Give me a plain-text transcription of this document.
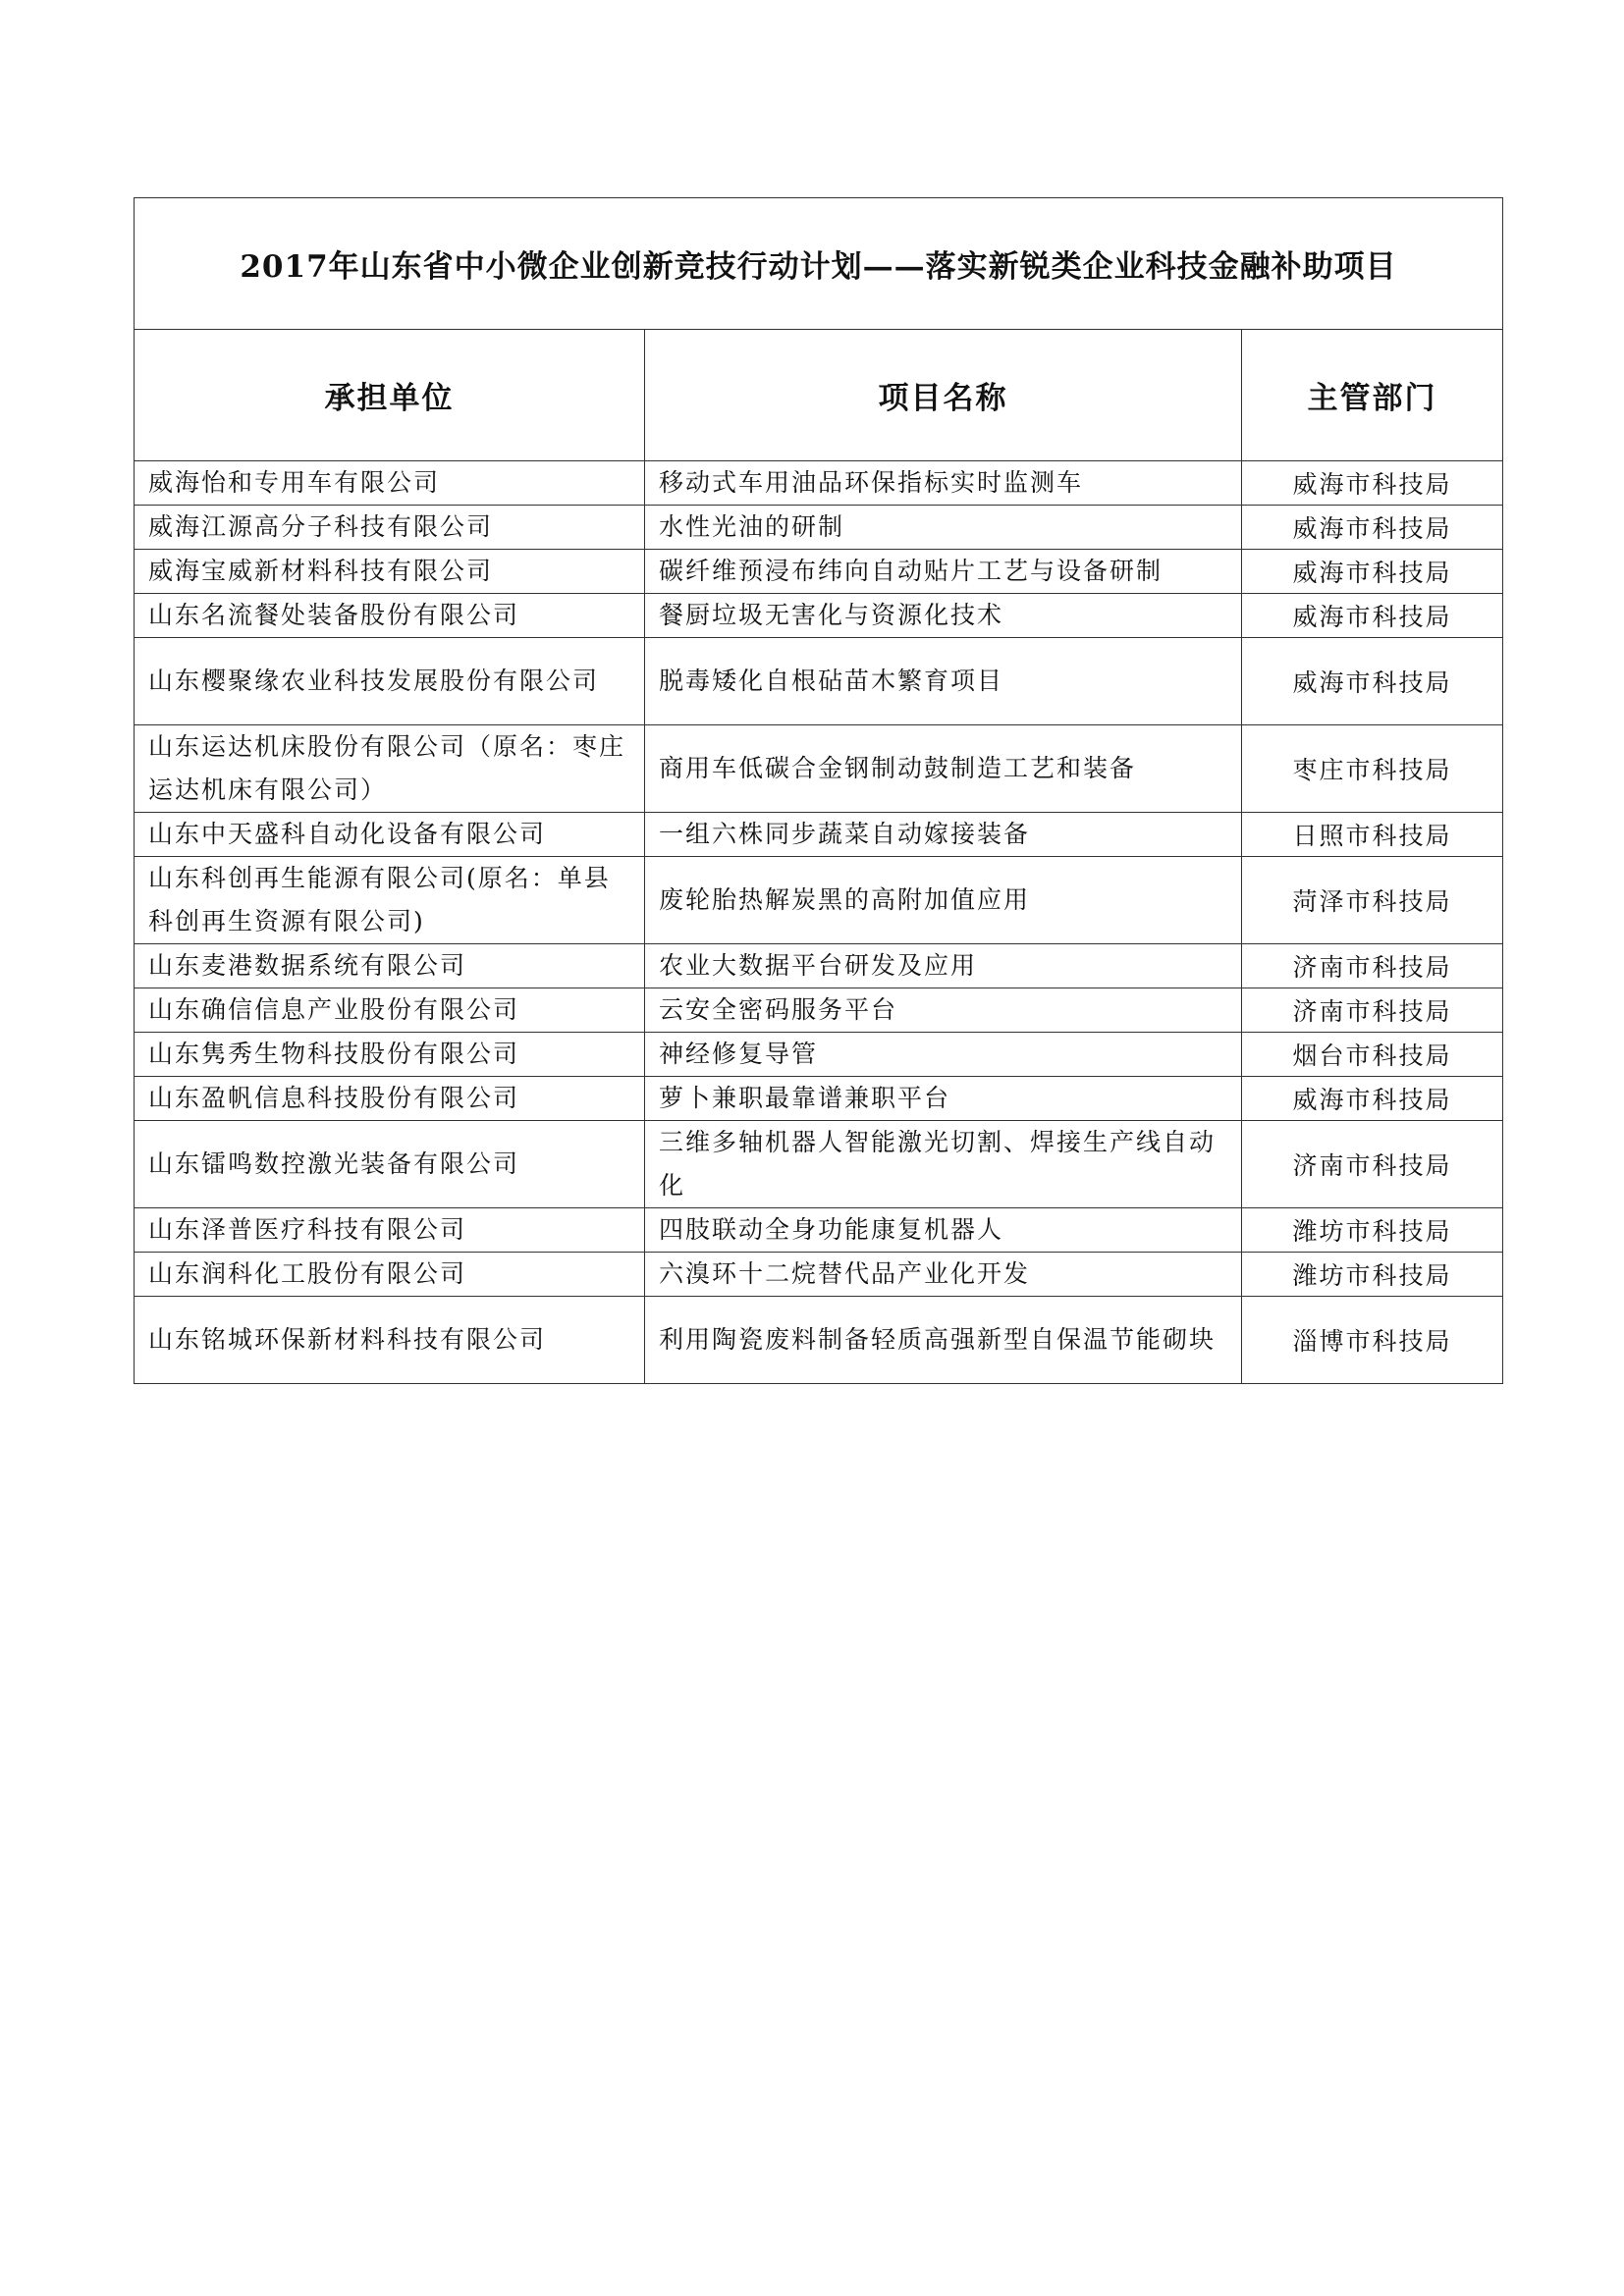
2017年山东省中小微企业创新竞技行动计划——落实新锐类企业科技金融补助项目		
承担单位	项目名称	主管部门
威海怡和专用车有限公司	移动式车用油品环保指标实时监测车	威海市科技局
威海江源高分子科技有限公司	水性光油的研制	威海市科技局
威海宝威新材料科技有限公司	碳纤维预浸布纬向自动贴片工艺与设备研制	威海市科技局
山东名流餐处装备股份有限公司	餐厨垃圾无害化与资源化技术	威海市科技局
山东樱聚缘农业科技发展股份有限公司	脱毒矮化自根砧苗木繁育项目	威海市科技局
山东运达机床股份有限公司（原名：枣庄运达机床有限公司）	商用车低碳合金钢制动鼓制造工艺和装备	枣庄市科技局
山东中天盛科自动化设备有限公司	一组六株同步蔬菜自动嫁接装备	日照市科技局
山东科创再生能源有限公司(原名：单县科创再生资源有限公司)	废轮胎热解炭黑的高附加值应用	菏泽市科技局
山东麦港数据系统有限公司	农业大数据平台研发及应用	济南市科技局
山东确信信息产业股份有限公司	云安全密码服务平台	济南市科技局
山东隽秀生物科技股份有限公司	神经修复导管	烟台市科技局
山东盈帆信息科技股份有限公司	萝卜兼职最靠谱兼职平台	威海市科技局
山东镭鸣数控激光装备有限公司	三维多轴机器人智能激光切割、焊接生产线自动化	济南市科技局
山东泽普医疗科技有限公司	四肢联动全身功能康复机器人	潍坊市科技局
山东润科化工股份有限公司	六溴环十二烷替代品产业化开发	潍坊市科技局
山东铭城环保新材料科技有限公司	利用陶瓷废料制备轻质高强新型自保温节能砌块	淄博市科技局
